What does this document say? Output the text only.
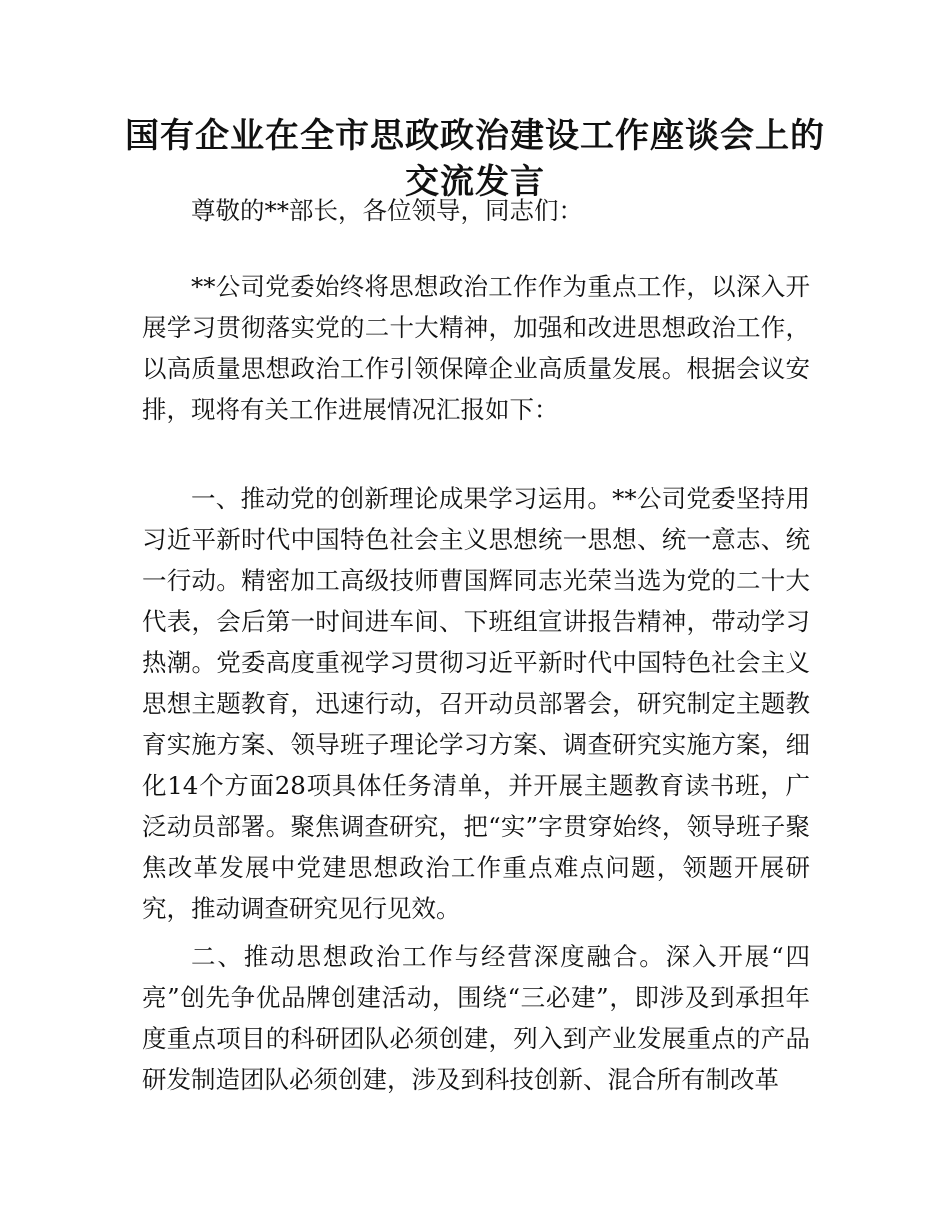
国有企业在全市思政政治建设工作座谈会上的
交流发言

尊敬的**部长，各位领导，同志们：

**公司党委始终将思想政治工作作为重点工作，以深入开展学习贯彻落实党的二十大精神，加强和改进思想政治工作，以高质量思想政治工作引领保障企业高质量发展。根据会议安排，现将有关工作进展情况汇报如下：

一、推动党的创新理论成果学习运用。**公司党委坚持用习近平新时代中国特色社会主义思想统一思想、统一意志、统一行动。精密加工高级技师曹国辉同志光荣当选为党的二十大代表，会后第一时间进车间、下班组宣讲报告精神，带动学习热潮。党委高度重视学习贯彻习近平新时代中国特色社会主义思想主题教育，迅速行动，召开动员部署会，研究制定主题教育实施方案、领导班子理论学习方案、调查研究实施方案，细化14个方面28项具体任务清单，并开展主题教育读书班，广泛动员部署。聚焦调查研究，把“实”字贯穿始终，领导班子聚焦改革发展中党建思想政治工作重点难点问题，领题开展研究，推动调查研究见行见效。

二、推动思想政治工作与经营深度融合。深入开展“四亮”创先争优品牌创建活动，围绕“三必建”，即涉及到承担年度重点项目的科研团队必须创建，列入到产业发展重点的产品研发制造团队必须创建，涉及到科技创新、混合所有制改革
